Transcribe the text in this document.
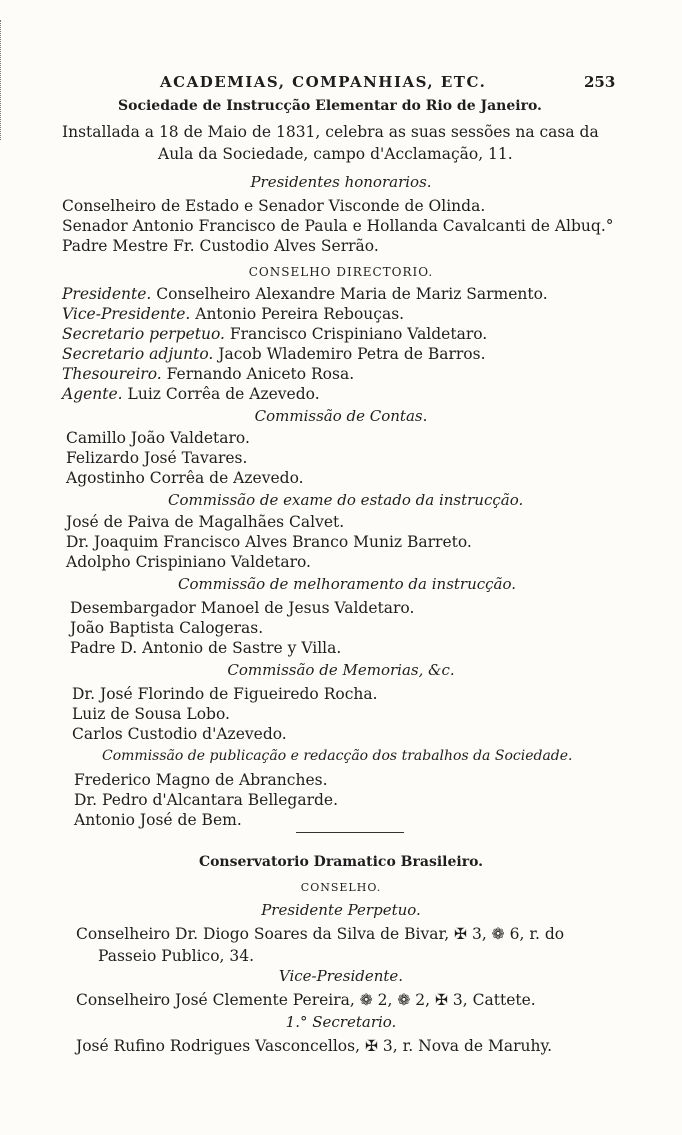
ACADEMIAS, COMPANHIAS, ETC.	253
Sociedade de Instrucção Elementar do Rio de Janeiro.
Installada a 18 de Maio de 1831, celebra as suas sessões na casa da
Aula da Sociedade, campo d'Acclamação, 11.
Presidentes honorarios.
Conselheiro de Estado e Senador Visconde de Olinda.
Senador Antonio Francisco de Paula e Hollanda Cavalcanti de Albuq.°
Padre Mestre Fr. Custodio Alves Serrão.
CONSELHO DIRECTORIO.
Presidente. Conselheiro Alexandre Maria de Mariz Sarmento.
Vice-Presidente. Antonio Pereira Rebouças.
Secretario perpetuo. Francisco Crispiniano Valdetaro.
Secretario adjunto. Jacob Wlademiro Petra de Barros.
Thesoureiro. Fernando Aniceto Rosa.
Agente. Luiz Corrêa de Azevedo.
Commissão de Contas.
Camillo João Valdetaro.
Felizardo José Tavares.
Agostinho Corrêa de Azevedo.
Commissão de exame do estado da instrucção.
José de Paiva de Magalhães Calvet.
Dr. Joaquim Francisco Alves Branco Muniz Barreto.
Adolpho Crispiniano Valdetaro.
Commissão de melhoramento da instrucção.
Desembargador Manoel de Jesus Valdetaro.
João Baptista Calogeras.
Padre D. Antonio de Sastre y Villa.
Commissão de Memorias, &c.
Dr. José Florindo de Figueiredo Rocha.
Luiz de Sousa Lobo.
Carlos Custodio d'Azevedo.
Commissão de publicação e redacção dos trabalhos da Sociedade.
Frederico Magno de Abranches.
Dr. Pedro d'Alcantara Bellegarde.
Antonio José de Bem.
Conservatorio Dramatico Brasileiro.
CONSELHO.
Presidente Perpetuo.
Conselheiro Dr. Diogo Soares da Silva de Bivar, ✠ 3, ❁ 6, r. do
Passeio Publico, 34.
Vice-Presidente.
Conselheiro José Clemente Pereira, ❁ 2, ❁ 2, ✠ 3, Cattete.
1.° Secretario.
José Rufino Rodrigues Vasconcellos, ✠ 3, r. Nova de Maruhy.
